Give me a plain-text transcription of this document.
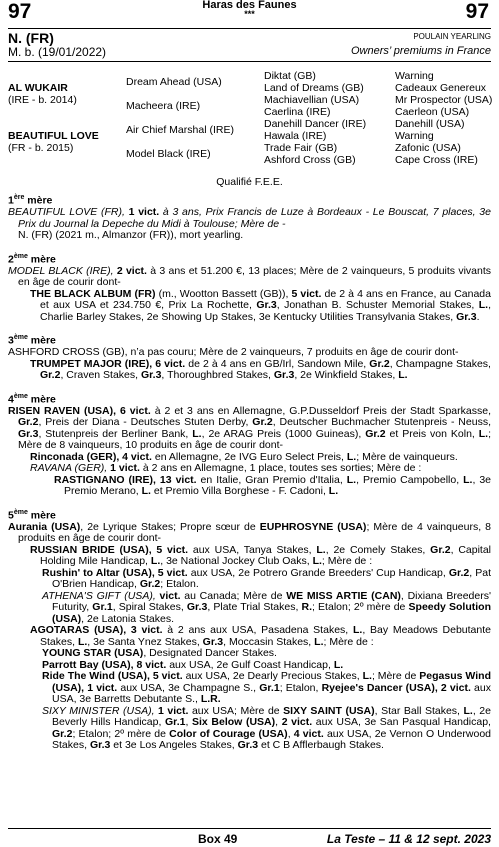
97	97
Haras des Faunes
***
N. (FR)
M. b. (19/01/2022)
POULAIN YEARLING
Owners’ premiums in France
AL WUKAIR
(IRE - b. 2014)
BEAUTIFUL LOVE
(FR - b. 2015)
Dream Ahead (USA)
Macheera (IRE)
Air Chief Marshal (IRE)
Model Black (IRE)
Diktat (GB)
Land of Dreams (GB)
Machiavellian (USA)
Caerlina (IRE)
Danehill Dancer (IRE)
Hawala (IRE)
Trade Fair (GB)
Ashford Cross (GB)
Warning
Cadeaux Genereux
Mr Prospector (USA)
Caerleon (USA)
Danehill (USA)
Warning
Zafonic (USA)
Cape Cross (IRE)
Qualifié F.E.E.
1ère mère

BEAUTIFUL LOVE (FR), 1 vict. à 3 ans, Prix Francis de Luze à Bordeaux - Le Bouscat, 7 places, 3e Prix du Journal la Depeche du Midi à Toulouse; Mère de -

N. (FR) (2021 m., Almanzor (FR)), mort yearling.

2ème mère

MODEL BLACK (IRE), 2 vict. à 3 ans et 51.200 €, 13 places; Mère de 2 vainqueurs, 5 produits vivants en âge de courir dont-

THE BLACK ALBUM (FR) (m., Wootton Bassett (GB)), 5 vict. de 2 à 4 ans en France, au Canada et aux USA et 234.750 €, Prix La Rochette, Gr.3, Jonathan B. Schuster Memorial Stakes, L., Charlie Barley Stakes, 2e Showing Up Stakes, 3e Kentucky Utilities Transylvania Stakes, Gr.3.

3ème mère

ASHFORD CROSS (GB), n’a pas couru; Mère de 2 vainqueurs, 7 produits en âge de courir dont-

TRUMPET MAJOR (IRE), 6 vict. de 2 à 4 ans en GB/Irl, Sandown Mile, Gr.2, Champagne Stakes, Gr.2, Craven Stakes, Gr.3, Thoroughbred Stakes, Gr.3, 2e Winkfield Stakes, L.

4ème mère

RISEN RAVEN (USA), 6 vict. à 2 et 3 ans en Allemagne, G.P.Dusseldorf Preis der Stadt Sparkasse, Gr.2, Preis der Diana - Deutsches Stuten Derby, Gr.2, Deutscher Buchmacher Stutenpreis - Neuss, Gr.3, Stutenpreis der Berliner Bank, L., 2e ARAG Preis (1000 Guineas), Gr.2 et Preis von Koln, L.; Mère de 8 vainqueurs, 10 produits en âge de courir dont-

Rinconada (GER), 4 vict. en Allemagne, 2e IVG Euro Select Preis, L.; Mère de vainqueurs.

RAVANA (GER), 1 vict. à 2 ans en Allemagne, 1 place, toutes ses sorties; Mère de :

RASTIGNANO (IRE), 13 vict. en Italie, Gran Premio d'Italia, L., Premio Campobello, L., 3e Premio Merano, L. et Premio Villa Borghese - F. Cadoni, L.

5ème mère

Aurania (USA), 2e Lyrique Stakes; Propre sœur de EUPHROSYNE (USA); Mère de 4 vainqueurs, 8 produits en âge de courir dont-

RUSSIAN BRIDE (USA), 5 vict. aux USA, Tanya Stakes, L., 2e Comely Stakes, Gr.2, Capital Holding Mile Handicap, L., 3e National Jockey Club Oaks, L.; Mère de :

Rushin' to Altar (USA), 5 vict. aux USA, 2e Potrero Grande Breeders' Cup Handicap, Gr.2, Pat O'Brien Handicap, Gr.2; Etalon.

ATHENA'S GIFT (USA), vict. au Canada; Mère de WE MISS ARTIE (CAN), Dixiana Breeders' Futurity, Gr.1, Spiral Stakes, Gr.3, Plate Trial Stakes, R.; Etalon; 2º mère de Speedy Solution (USA), 2e Latonia Stakes.

AGOTARAS (USA), 3 vict. à 2 ans aux USA, Pasadena Stakes, L., Bay Meadows Debutante Stakes, L., 3e Santa Ynez Stakes, Gr.3, Moccasin Stakes, L.; Mère de :

YOUNG STAR (USA), Designated Dancer Stakes.

Parrott Bay (USA), 8 vict. aux USA, 2e Gulf Coast Handicap, L.

Ride The Wind (USA), 5 vict. aux USA, 2e Dearly Precious Stakes, L.; Mère de Pegasus Wind (USA), 1 vict. aux USA, 3e Champagne S., Gr.1; Etalon, Ryejee's Dancer (USA), 2 vict. aux USA, 3e Barretts Debutante S., L.R.

SIXY MINISTER (USA), 1 vict. aux USA; Mère de SIXY SAINT (USA), Star Ball Stakes, L., 2e Beverly Hills Handicap, Gr.1, Six Below (USA), 2 vict. aux USA, 3e San Pasqual Handicap, Gr.2; Etalon; 2º mère de Color of Courage (USA), 4 vict. aux USA, 2e Vernon O Underwood Stakes, Gr.3 et 3e Los Angeles Stakes, Gr.3 et C B Afflerbaugh Stakes.

Box 49	La Teste – 11 & 12 sept. 2023
